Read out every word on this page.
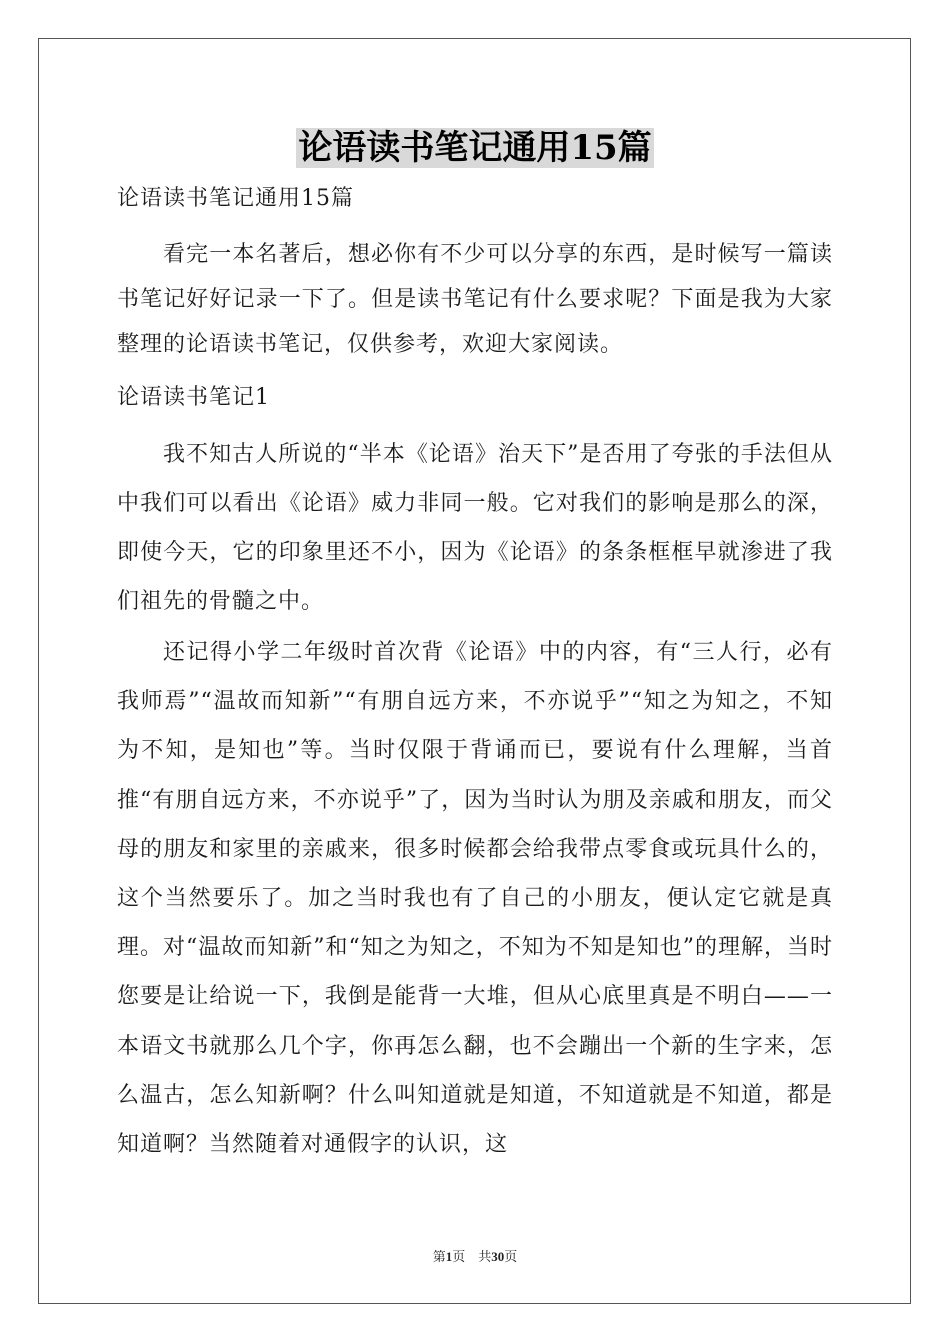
论语读书笔记通用15篇
论语读书笔记通用15篇
看完一本名著后，想必你有不少可以分享的东西，是时候写一篇读书笔记好好记录一下了。但是读书笔记有什么要求呢？下面是我为大家整理的论语读书笔记，仅供参考，欢迎大家阅读。
论语读书笔记1
我不知古人所说的“半本《论语》治天下”是否用了夸张的手法但从中我们可以看出《论语》威力非同一般。它对我们的影响是那么的深，即使今天，它的印象里还不小，因为《论语》的条条框框早就渗进了我们祖先的骨髓之中。
还记得小学二年级时首次背《论语》中的内容，有“三人行，必有我师焉”“温故而知新”“有朋自远方来，不亦说乎”“知之为知之，不知为不知，是知也”等。当时仅限于背诵而已，要说有什么理解，当首推“有朋自远方来，不亦说乎”了，因为当时认为朋及亲戚和朋友，而父母的朋友和家里的亲戚来，很多时候都会给我带点零食或玩具什么的，这个当然要乐了。加之当时我也有了自己的小朋友，便认定它就是真理。对“温故而知新”和“知之为知之，不知为不知是知也”的理解，当时您要是让给说一下，我倒是能背一大堆，但从心底里真是不明白——一本语文书就那么几个字，你再怎么翻，也不会蹦出一个新的生字来，怎么温古，怎么知新啊？什么叫知道就是知道，不知道就是不知道，都是知道啊？当然随着对通假字的认识，这
第1页　共30页
